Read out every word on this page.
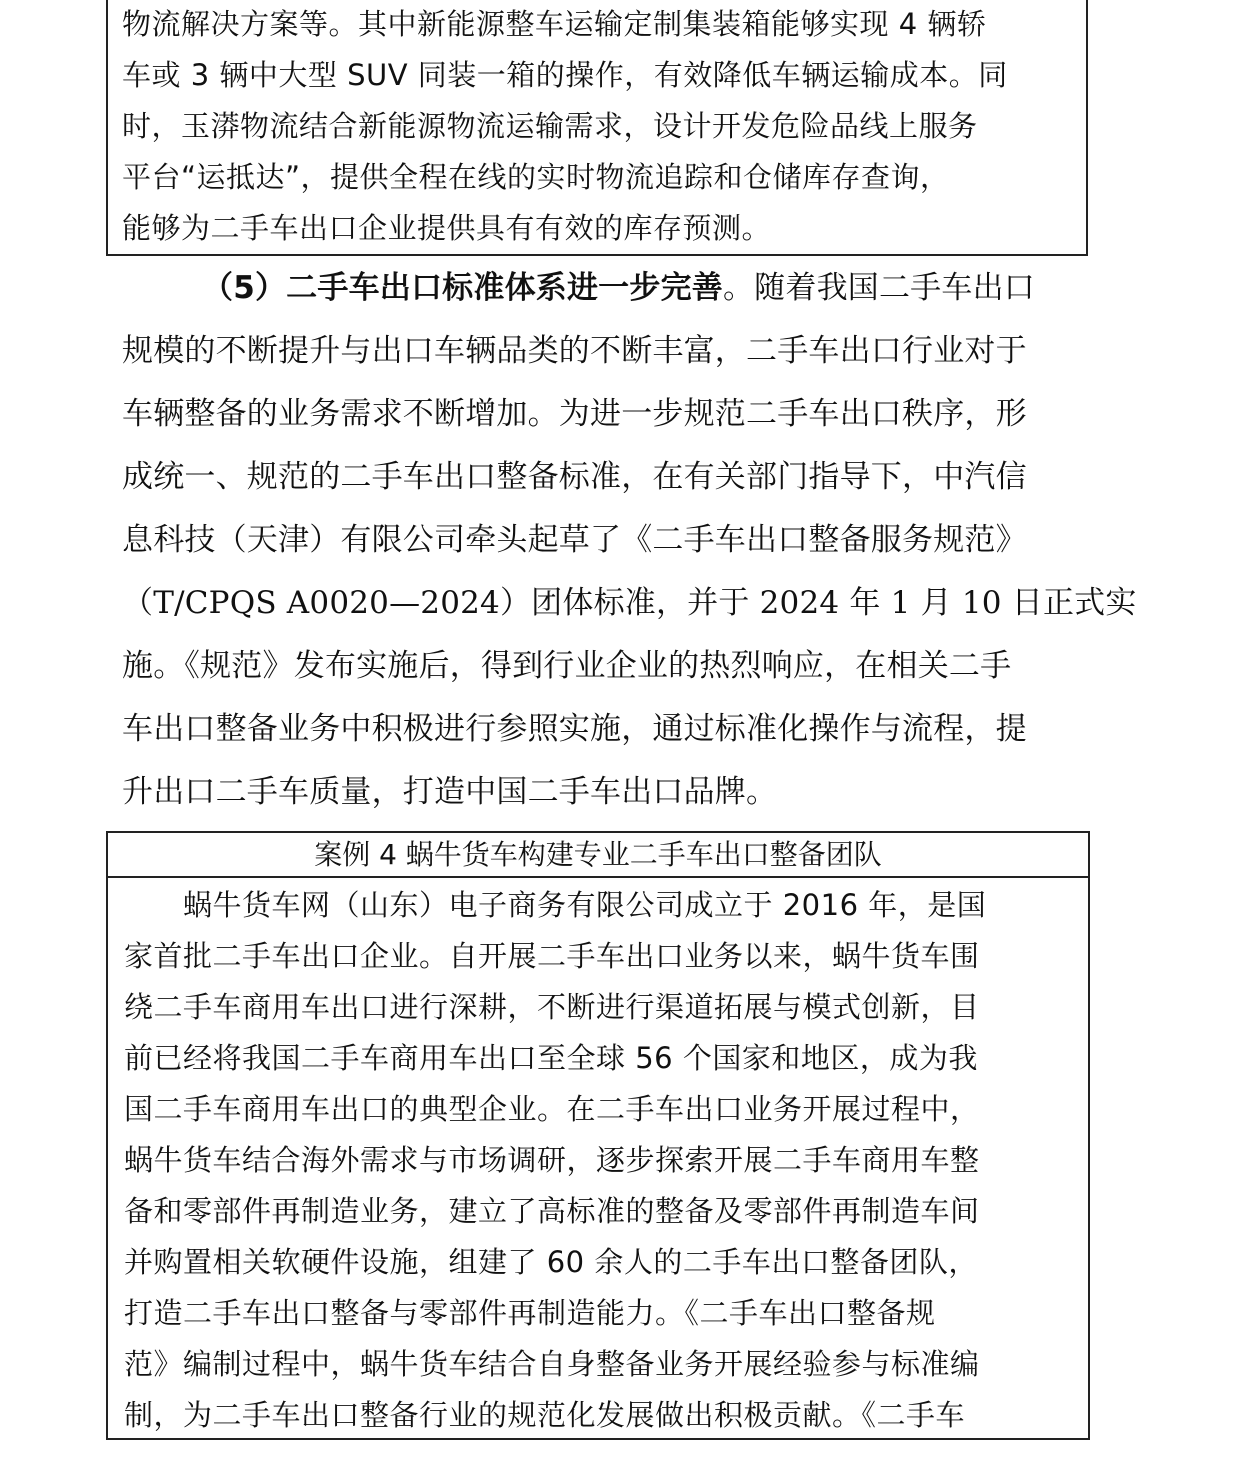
物流解决方案等。其中新能源整车运输定制集装箱能够实现 4 辆轿
车或 3 辆中大型 SUV 同装一箱的操作，有效降低车辆运输成本。同
时，玉漭物流结合新能源物流运输需求，设计开发危险品线上服务
平台“运抵达”，提供全程在线的实时物流追踪和仓储库存查询，
能够为二手车出口企业提供具有有效的库存预测。
（5）二手车出口标准体系进一步完善。随着我国二手车出口
规模的不断提升与出口车辆品类的不断丰富，二手车出口行业对于
车辆整备的业务需求不断增加。为进一步规范二手车出口秩序，形
成统一、规范的二手车出口整备标准，在有关部门指导下，中汽信
息科技（天津）有限公司牵头起草了《二手车出口整备服务规范》
（T/CPQS A0020—2024）团体标准，并于 2024 年 1 月 10 日正式实
施。《规范》发布实施后，得到行业企业的热烈响应，在相关二手
车出口整备业务中积极进行参照实施，通过标准化操作与流程，提
升出口二手车质量，打造中国二手车出口品牌。
案例 4 蜗牛货车构建专业二手车出口整备团队
　　蜗牛货车网（山东）电子商务有限公司成立于 2016 年，是国
家首批二手车出口企业。自开展二手车出口业务以来，蜗牛货车围
绕二手车商用车出口进行深耕，不断进行渠道拓展与模式创新，目
前已经将我国二手车商用车出口至全球 56 个国家和地区，成为我
国二手车商用车出口的典型企业。在二手车出口业务开展过程中，
蜗牛货车结合海外需求与市场调研，逐步探索开展二手车商用车整
备和零部件再制造业务，建立了高标准的整备及零部件再制造车间
并购置相关软硬件设施，组建了 60 余人的二手车出口整备团队，
打造二手车出口整备与零部件再制造能力。《二手车出口整备规
范》编制过程中，蜗牛货车结合自身整备业务开展经验参与标准编
制，为二手车出口整备行业的规范化发展做出积极贡献。《二手车
